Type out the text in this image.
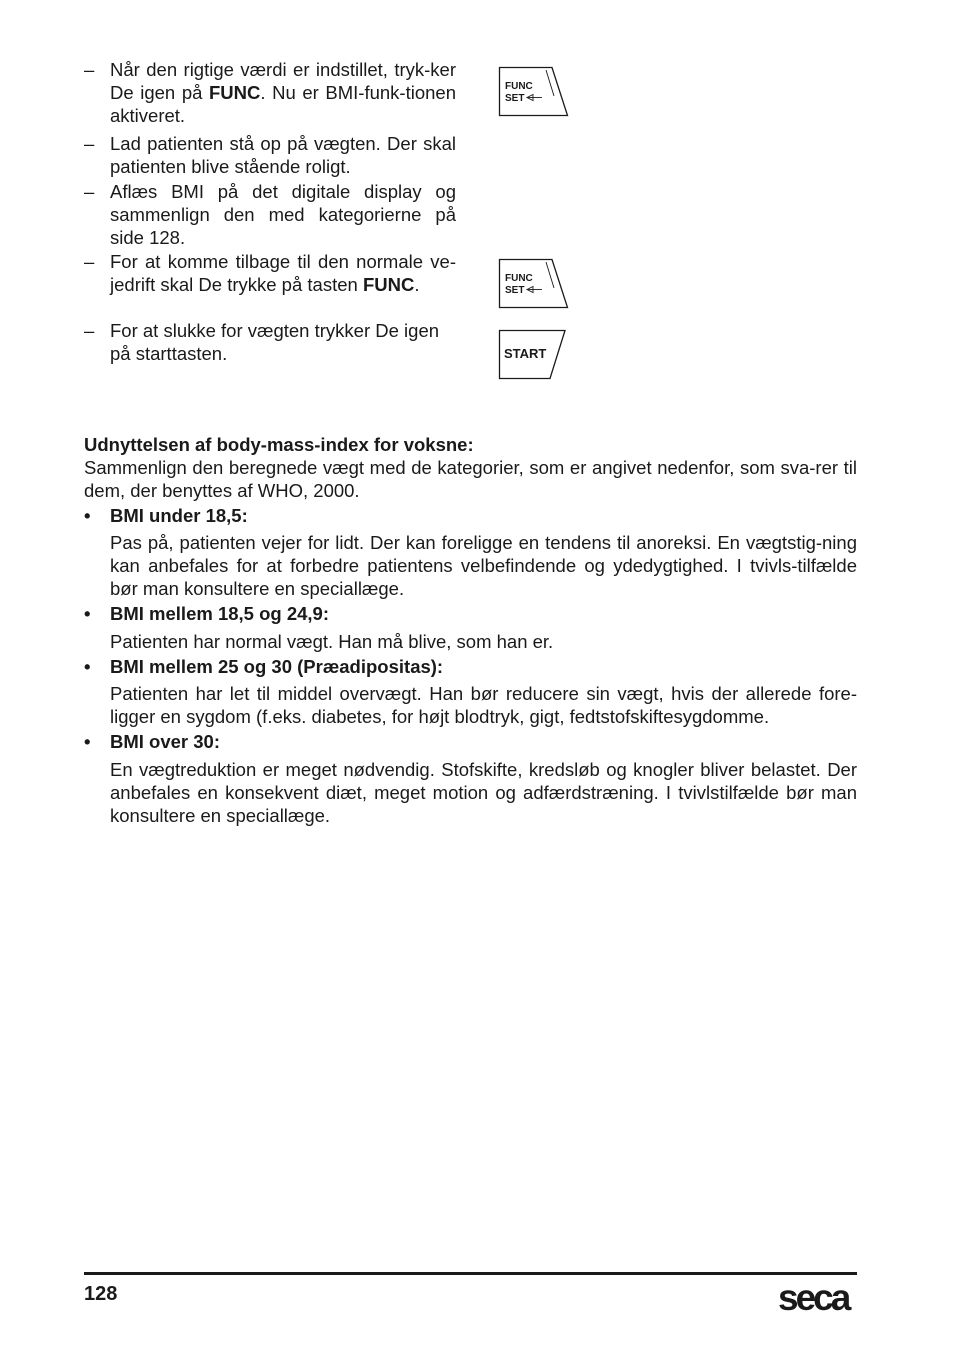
– Når den rigtige værdi er indstillet, tryk-ker De igen på FUNC. Nu er BMI-funk-tionen aktiveret.
– Lad patienten stå op på vægten. Der skal patienten blive stående roligt.
– Aflæs BMI på det digitale display og sammenlign den med kategorierne på side 128.
– For at komme tilbage til den normale ve-jedrift skal De trykke på tasten FUNC.
– For at slukke for vægten trykker De igen på starttasten.
FUNC
SET
FUNC
SET
START
Udnyttelsen af body-mass-index for voksne:
Sammenlign den beregnede vægt med de kategorier, som er angivet nedenfor, som sva-rer til dem, der benyttes af WHO, 2000.
• BMI under 18,5:
Pas på, patienten vejer for lidt. Der kan foreligge en tendens til anoreksi. En vægtstig-ning kan anbefales for at forbedre patientens velbefindende og ydedygtighed. I tvivls-tilfælde bør man konsultere en speciallæge.
• BMI mellem 18,5 og 24,9:
Patienten har normal vægt. Han må blive, som han er.
• BMI mellem 25 og 30 (Præadipositas):
Patienten har let til middel overvægt. Han bør reducere sin vægt, hvis der allerede fore-ligger en sygdom (f.eks. diabetes, for højt blodtryk, gigt, fedtstofskiftesygdomme.
• BMI over 30:
En vægtreduktion er meget nødvendig. Stofskifte, kredsløb og knogler bliver belastet. Der anbefales en konsekvent diæt, meget motion og adfærdstræning. I tvivlstilfælde bør man konsultere en speciallæge.
128	seca
